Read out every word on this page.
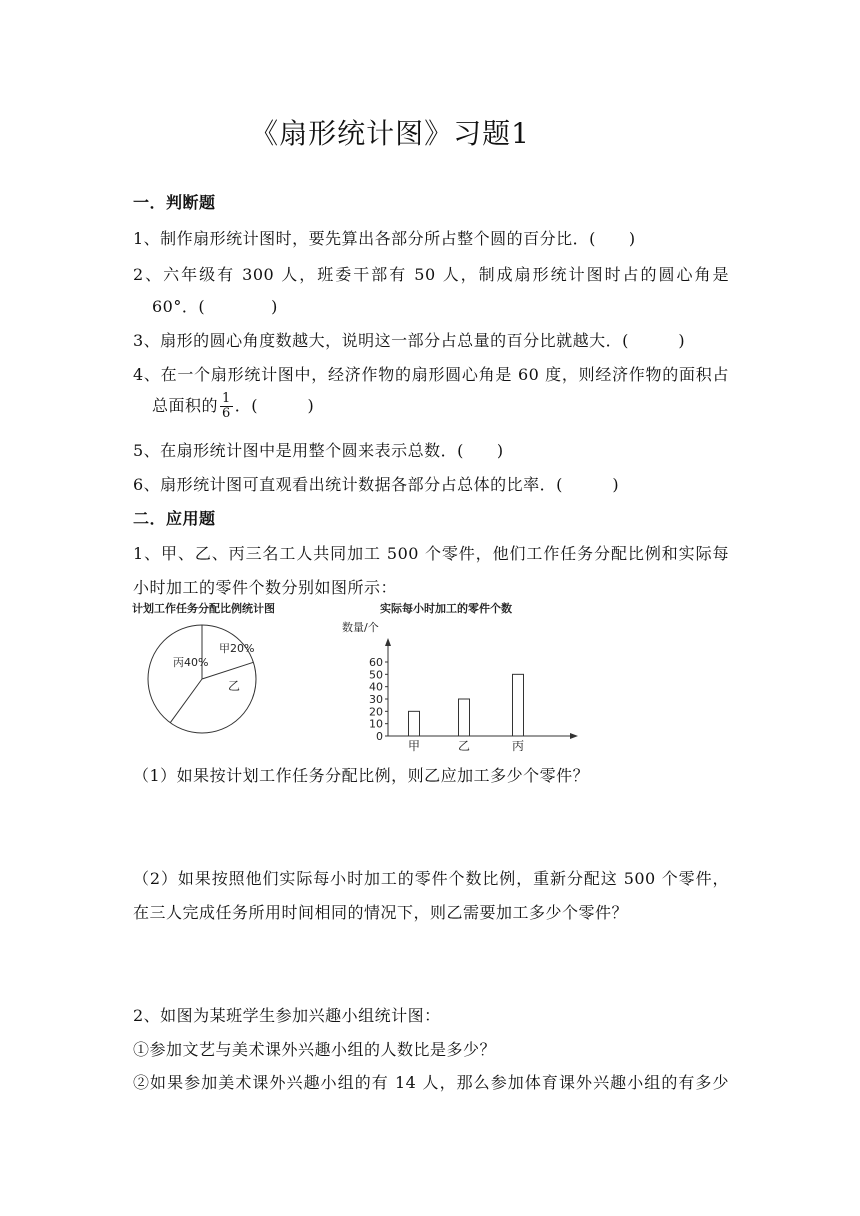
《扇形统计图》习题1
一．判断题
1、制作扇形统计图时，要先算出各部分所占整个圆的百分比．(　　)
2、六年级有 300 人，班委干部有 50 人，制成扇形统计图时占的圆心角是
60°．(　　　　)
3、扇形的圆心角度数越大，说明这一部分占总量的百分比就越大．(　　　)
4、在一个扇形统计图中，经济作物的扇形圆心角是 60 度，则经济作物的面积占
总面积的 $\frac{1}{6}$ ．(　　　)
5、在扇形统计图中是用整个圆来表示总数．(　　)
6、扇形统计图可直观看出统计数据各部分占总体的比率．(　　　)
二．应用题
1、甲、乙、丙三名工人共同加工 500 个零件，他们工作任务分配比例和实际每
小时加工的零件个数分别如图所示：
计划工作任务分配比例统计图
甲20%
乙
丙40%
实际每小时加工的零件个数
数量/个
0
10
20
30
40
50
60
甲	乙	丙
（1）如果按计划工作任务分配比例，则乙应加工多少个零件？
（2）如果按照他们实际每小时加工的零件个数比例，重新分配这 500 个零件，
在三人完成任务所用时间相同的情况下，则乙需要加工多少个零件？
2、如图为某班学生参加兴趣小组统计图：
①参加文艺与美术课外兴趣小组的人数比是多少？
②如果参加美术课外兴趣小组的有 14 人，那么参加体育课外兴趣小组的有多少
